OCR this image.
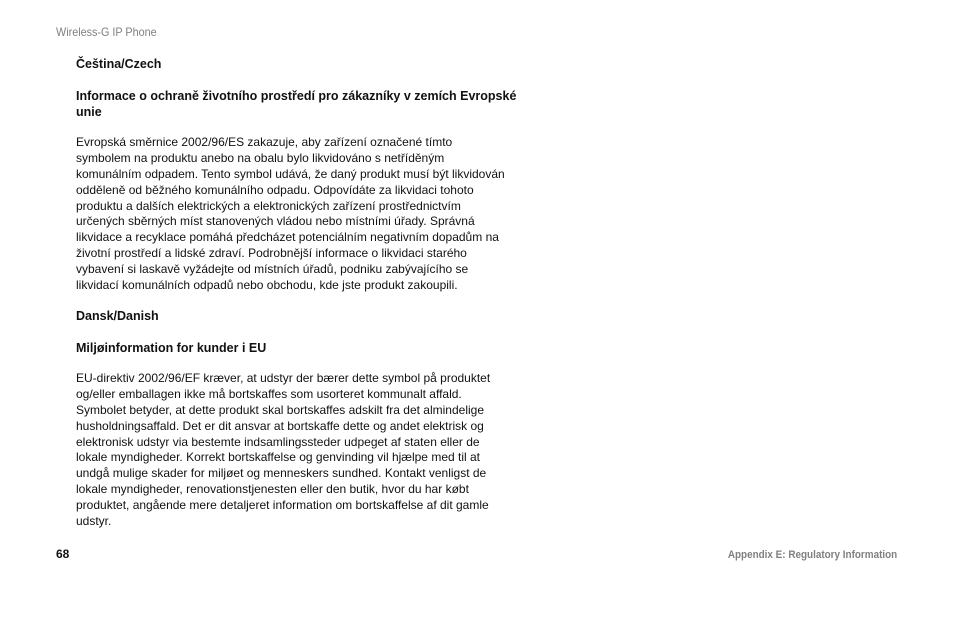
Wireless-G IP Phone
Čeština/Czech
Informace o ochraně životního prostředí pro zákazníky v zemích Evropské
unie
Evropská směrnice 2002/96/ES zakazuje, aby zařízení označené tímto
symbolem na produktu anebo na obalu bylo likvidováno s netříděným
komunálním odpadem. Tento symbol udává, že daný produkt musí být likvidován
odděleně od běžného komunálního odpadu. Odpovídáte za likvidaci tohoto
produktu a dalších elektrických a elektronických zařízení prostřednictvím
určených sběrných míst stanovených vládou nebo místními úřady. Správná
likvidace a recyklace pomáhá předcházet potenciálním negativním dopadům na
životní prostředí a lidské zdraví. Podrobnější informace o likvidaci starého
vybavení si laskavě vyžádejte od místních úřadů, podniku zabývajícího se
likvidací komunálních odpadů nebo obchodu, kde jste produkt zakoupili.
Dansk/Danish
Miljøinformation for kunder i EU
EU-direktiv 2002/96/EF kræver, at udstyr der bærer dette symbol på produktet
og/eller emballagen ikke må bortskaffes som usorteret kommunalt affald.
Symbolet betyder, at dette produkt skal bortskaffes adskilt fra det almindelige
husholdningsaffald. Det er dit ansvar at bortskaffe dette og andet elektrisk og
elektronisk udstyr via bestemte indsamlingssteder udpeget af staten eller de
lokale myndigheder. Korrekt bortskaffelse og genvinding vil hjælpe med til at
undgå mulige skader for miljøet og menneskers sundhed. Kontakt venligst de
lokale myndigheder, renovationstjenesten eller den butik, hvor du har købt
produktet, angående mere detaljeret information om bortskaffelse af dit gamle
udstyr.
68	Appendix E: Regulatory Information
